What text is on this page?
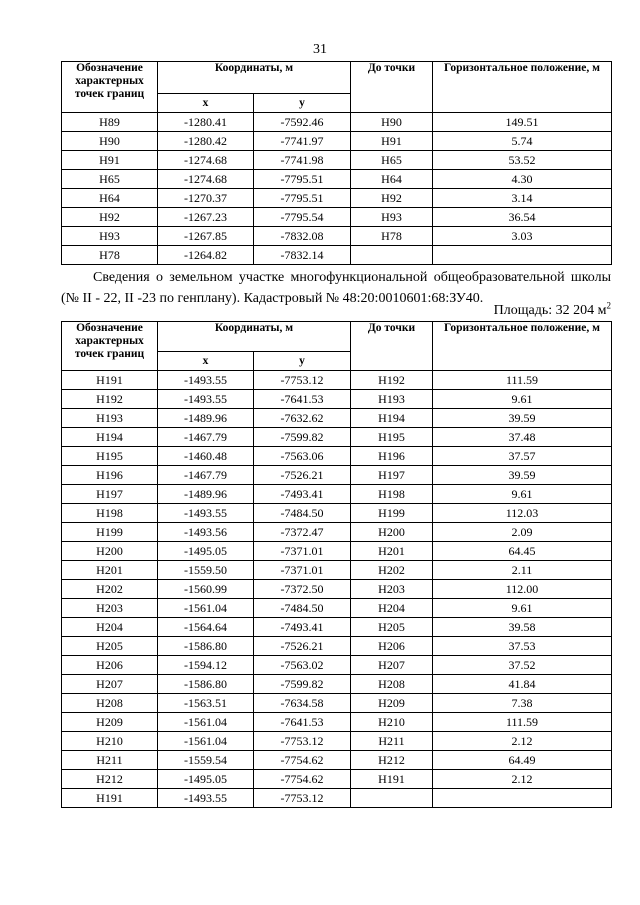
31
Обозначение характерных точек границ	Координаты, м		До точки	Горизонтальное положение, м
	x	y		
Н89	-1280.41	-7592.46	Н90	149.51
Н90	-1280.42	-7741.97	Н91	5.74
Н91	-1274.68	-7741.98	Н65	53.52
Н65	-1274.68	-7795.51	Н64	4.30
Н64	-1270.37	-7795.51	Н92	3.14
Н92	-1267.23	-7795.54	Н93	36.54
Н93	-1267.85	-7832.08	Н78	3.03
Н78	-1264.82	-7832.14		
Сведения о земельном участке многофункциональной общеобразовательной школы (№ II - 22, II -23 по генплану). Кадастровый № 48:20:0010601:68:ЗУ40.
Площадь: 32 204 $м^2$
Обозначение характерных точек границ	Координаты, м		До точки	Горизонтальное положение, м
	x	y		
Н191	-1493.55	-7753.12	Н192	111.59
Н192	-1493.55	-7641.53	Н193	9.61
Н193	-1489.96	-7632.62	Н194	39.59
Н194	-1467.79	-7599.82	Н195	37.48
Н195	-1460.48	-7563.06	Н196	37.57
Н196	-1467.79	-7526.21	Н197	39.59
Н197	-1489.96	-7493.41	Н198	9.61
Н198	-1493.55	-7484.50	Н199	112.03
Н199	-1493.56	-7372.47	Н200	2.09
Н200	-1495.05	-7371.01	Н201	64.45
Н201	-1559.50	-7371.01	Н202	2.11
Н202	-1560.99	-7372.50	Н203	112.00
Н203	-1561.04	-7484.50	Н204	9.61
Н204	-1564.64	-7493.41	Н205	39.58
Н205	-1586.80	-7526.21	Н206	37.53
Н206	-1594.12	-7563.02	Н207	37.52
Н207	-1586.80	-7599.82	Н208	41.84
Н208	-1563.51	-7634.58	Н209	7.38
Н209	-1561.04	-7641.53	Н210	111.59
Н210	-1561.04	-7753.12	Н211	2.12
Н211	-1559.54	-7754.62	Н212	64.49
Н212	-1495.05	-7754.62	Н191	2.12
Н191	-1493.55	-7753.12		
